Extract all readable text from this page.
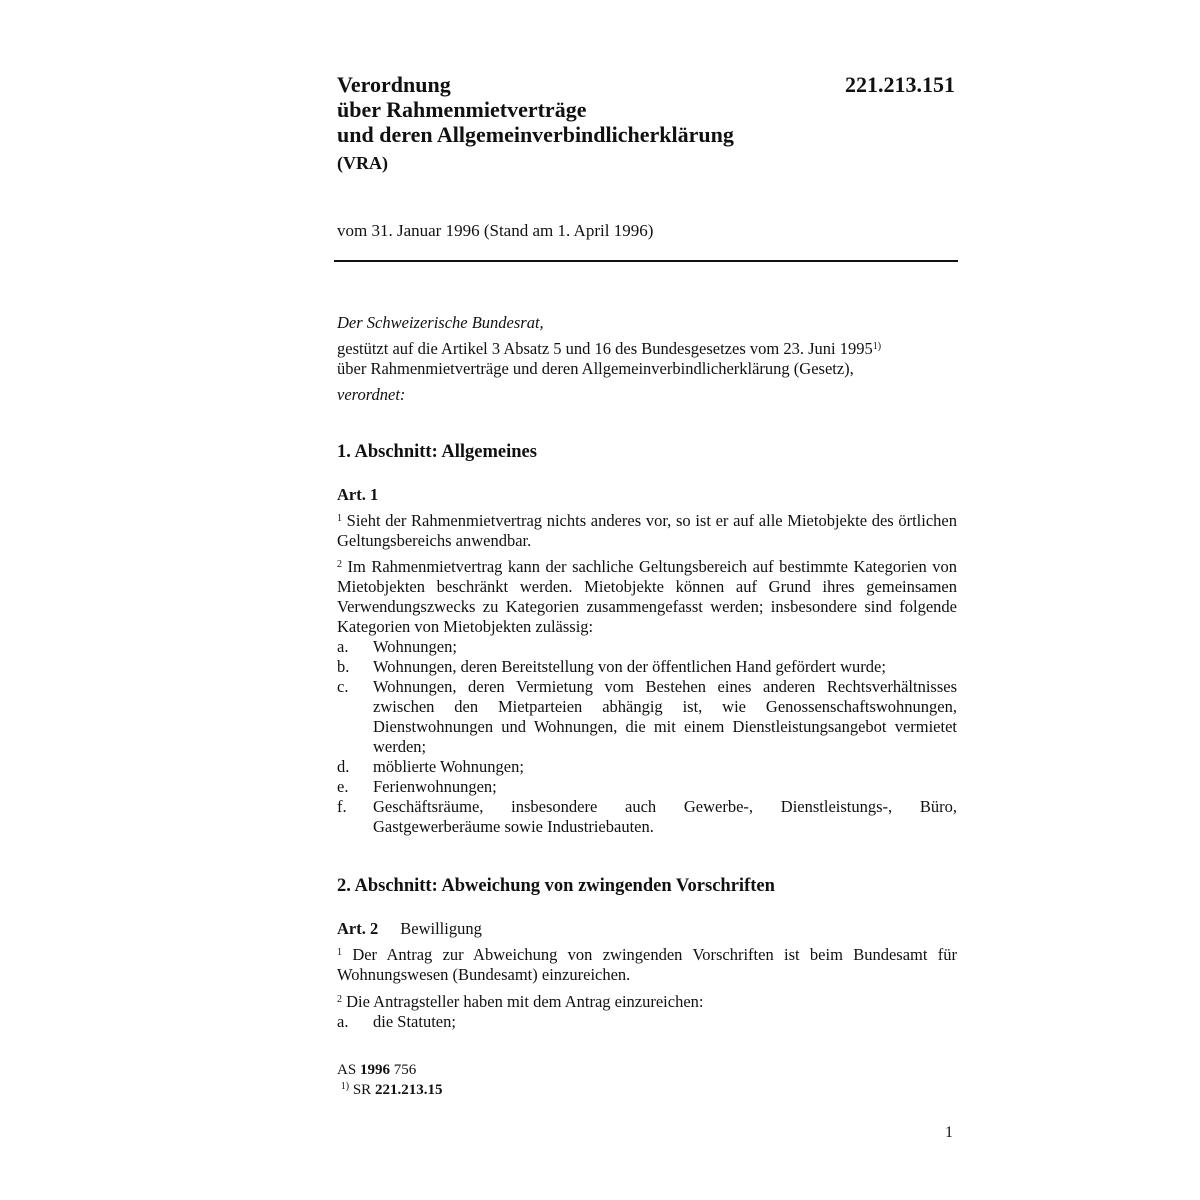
Verordnung
über Rahmenmietverträge
und deren Allgemeinverbindlicherklärung
(VRA)
221.213.151
vom 31. Januar 1996 (Stand am 1. April 1996)

Der Schweizerische Bundesrat,

gestützt auf die Artikel 3 Absatz 5 und 16 des Bundesgesetzes vom 23. Juni 1995$^{1)}$
über Rahmenmietverträge und deren Allgemeinverbindlicherklärung (Gesetz),

verordnet:

1. Abschnitt: Allgemeines
Art. 1

$^1$ Sieht der Rahmenmietvertrag nichts anderes vor, so ist er auf alle Mietobjekte des örtlichen Geltungsbereichs anwendbar.

$^2$ Im Rahmenmietvertrag kann der sachliche Geltungsbereich auf bestimmte Kategorien von Mietobjekten beschränkt werden. Mietobjekte können auf Grund ihres gemeinsamen Verwendungszwecks zu Kategorien zusammengefasst werden; insbesondere sind folgende Kategorien von Mietobjekten zulässig:

a.	Wohnungen;
b.	Wohnungen, deren Bereitstellung von der öffentlichen Hand gefördert wurde;
c.	Wohnungen, deren Vermietung vom Bestehen eines anderen Rechtsverhältnisses zwischen den Mietparteien abhängig ist, wie Genossenschaftswohnungen, Dienstwohnungen und Wohnungen, die mit einem Dienstleistungsangebot vermietet werden;
d.	möblierte Wohnungen;
e.	Ferienwohnungen;
f.	Geschäftsräume, insbesondere auch Gewerbe-, Dienstleistungs-, Büro, Gastgewerberäume sowie Industriebauten.
2. Abschnitt: Abweichung von zwingenden Vorschriften
Art. 2 Bewilligung

$^1$ Der Antrag zur Abweichung von zwingenden Vorschriften ist beim Bundesamt für Wohnungswesen (Bundesamt) einzureichen.

$^2$ Die Antragsteller haben mit dem Antrag einzureichen:

a.	die Statuten;
AS 1996 756
$^{1)}$ SR 221.213.15
1
